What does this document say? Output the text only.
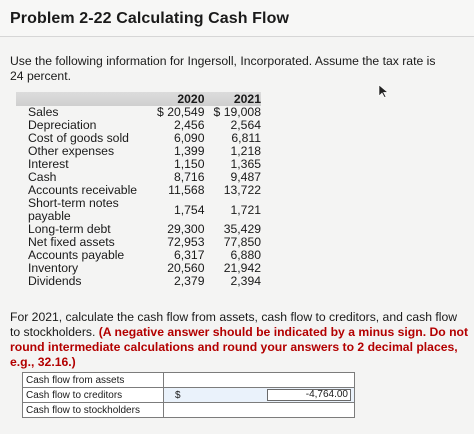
Problem 2-22 Calculating Cash Flow
Use the following information for Ingersoll, Incorporated. Assume the tax rate is 24 percent.
	2020	2021
Sales	$ 20,549	$ 19,008
Depreciation	2,456	2,564
Cost of goods sold	6,090	6,811
Other expenses	1,399	1,218
Interest	1,150	1,365
Cash	8,716	9,487
Accounts receivable	11,568	13,722
Short-term notes payable	1,754	1,721
Long-term debt	29,300	35,429
Net fixed assets	72,953	77,850
Accounts payable	6,317	6,880
Inventory	20,560	21,942
Dividends	2,379	2,394
For 2021, calculate the cash flow from assets, cash flow to creditors, and cash flow to stockholders. (A negative answer should be indicated by a minus sign. Do not round intermediate calculations and round your answers to 2 decimal places, e.g., 32.16.)
Cash flow from assets		
Cash flow to creditors	$	-4,764.00
Cash flow to stockholders		
